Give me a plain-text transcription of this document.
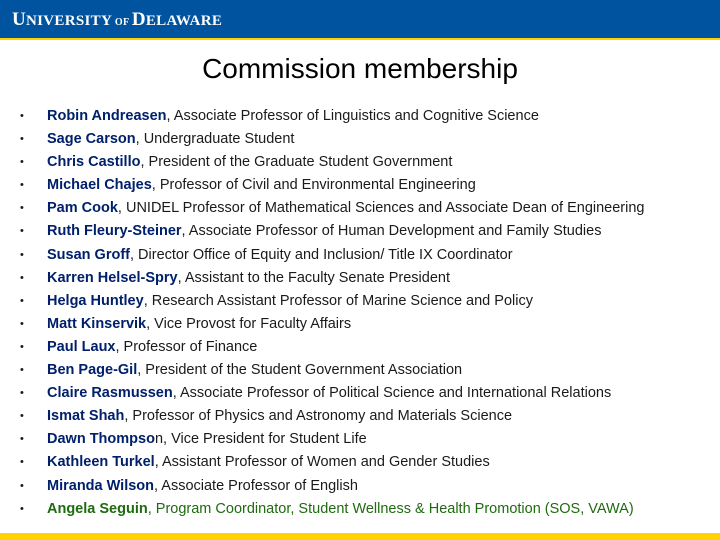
UNIVERSITY OF DELAWARE
Commission membership
•	Robin Andreasen, Associate Professor of Linguistics and Cognitive Science
•	Sage Carson, Undergraduate Student
•	Chris Castillo, President of the Graduate Student Government
•	Michael Chajes, Professor of Civil and Environmental Engineering
•	Pam Cook, UNIDEL Professor of Mathematical Sciences and Associate Dean of Engineering
•	Ruth Fleury-Steiner, Associate Professor of Human Development and Family Studies
•	Susan Groff, Director Office of Equity and Inclusion/ Title IX Coordinator
•	Karren Helsel-Spry, Assistant to the Faculty Senate President
•	Helga Huntley, Research Assistant Professor of Marine Science and Policy
•	Matt Kinservik, Vice Provost for Faculty Affairs
•	Paul Laux, Professor of Finance
•	Ben Page-Gil, President of the Student Government Association
•	Claire Rasmussen, Associate Professor of Political Science and International Relations
•	Ismat Shah, Professor of Physics and Astronomy and Materials Science
•	Dawn Thompson, Vice President for Student Life
•	Kathleen Turkel, Assistant Professor of Women and Gender Studies
•	Miranda Wilson, Associate Professor of English
•	Angela Seguin, Program Coordinator, Student Wellness & Health Promotion (SOS, VAWA)
